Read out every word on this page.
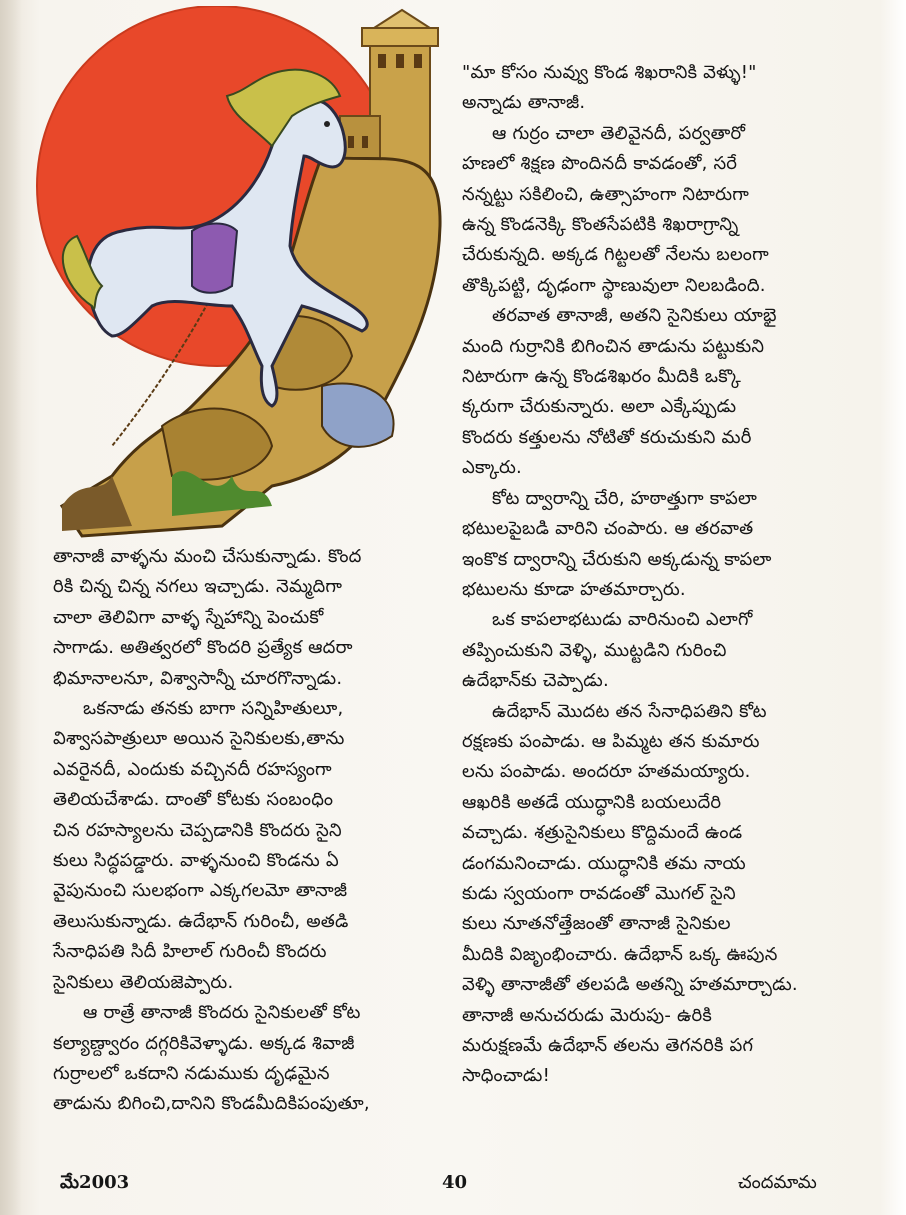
తానాజీ వాళ్ళను మంచి చేసుకున్నాడు. కొంద
రికి చిన్న చిన్న నగలు ఇచ్చాడు. నెమ్మదిగా
చాలా తెలివిగా వాళ్ళ స్నేహాన్ని పెంచుకో
సాగాడు. అతిత్వరలో కొందరి ప్రత్యేక ఆదరా
భిమానాలనూ, విశ్వాసాన్నీ చూరగొన్నాడు.
ఒకనాడు తనకు బాగా సన్నిహితులూ,
విశ్వాసపాత్రులూ అయిన సైనికులకు,తాను
ఎవరైనదీ, ఎందుకు వచ్చినదీ రహస్యంగా
తెలియచేశాడు. దాంతో కోటకు సంబంధిం
చిన రహస్యాలను చెప్పడానికి కొందరు సైని
కులు సిద్ధపడ్డారు. వాళ్ళనుంచి కొండను ఏ
వైపునుంచి సులభంగా ఎక్కగలమో తానాజీ
తెలుసుకున్నాడు. ఉదేభాన్ గురించీ, అతడి
సేనాధిపతి సిదీ హిలాల్ గురించీ కొందరు
సైనికులు తెలియజెప్పారు.
ఆ రాత్రే తానాజీ కొందరు సైనికులతో కోట
కల్యాణ్ద్వారం దగ్గరికివెళ్ళాడు. అక్కడ శివాజీ
గుర్రాలలో ఒకదాని నడుముకు దృఢమైన
తాడును బిగించి,దానిని కొండమీదికిపంపుతూ,
"మా కోసం నువ్వు కొండ శిఖరానికి వెళ్ళు!"
అన్నాడు తానాజీ.
ఆ గుర్రం చాలా తెలివైనదీ, పర్వతారో
హణలో శిక్షణ పొందినదీ కావడంతో, సరే
నన్నట్టు సకిలించి, ఉత్సాహంగా నిటారుగా
ఉన్న కొండనెక్కి కొంతసేపటికి శిఖరాగ్రాన్ని
చేరుకున్నది. అక్కడ గిట్టలతో నేలను బలంగా
తొక్కిపట్టి, దృఢంగా స్థాణువులా నిలబడింది.
తరవాత తానాజీ, అతని సైనికులు యాభై
మంది గుర్రానికి బిగించిన తాడును పట్టుకుని
నిటారుగా ఉన్న కొండశిఖరం మీదికి ఒక్కొ
క్కరుగా చేరుకున్నారు. అలా ఎక్కేప్పుడు
కొందరు కత్తులను నోటితో కరుచుకుని మరీ
ఎక్కారు.
కోట ద్వారాన్ని చేరి, హఠాత్తుగా కాపలా
భటులపైబడి వారిని చంపారు. ఆ తరవాత
ఇంకొక ద్వారాన్ని చేరుకుని అక్కడున్న కాపలా
భటులను కూడా హతమార్చారు.
ఒక కాపలాభటుడు వారినుంచి ఎలాగో
తప్పించుకుని వెళ్ళి, ముట్టడిని గురించి
ఉదేభాన్‌కు చెప్పాడు.
ఉదేభాన్ మొదట తన సేనాధిపతిని కోట
రక్షణకు పంపాడు. ఆ పిమ్మట తన కుమారు
లను పంపాడు. అందరూ హతమయ్యారు.
ఆఖరికి అతడే యుద్ధానికి బయలుదేరి
వచ్చాడు. శత్రుసైనికులు కొద్దిమందే ఉండ
డంగమనించాడు. యుద్ధానికి తమ నాయ
కుడు స్వయంగా రావడంతో మొగల్ సైని
కులు నూతనోత్తేజంతో తానాజీ సైనికుల
మీదికి విజృంభించారు. ఉదేభాన్ ఒక్క ఊపున
వెళ్ళి తానాజీతో తలపడి అతన్ని హతమార్చాడు.
తానాజీ అనుచరుడు మెరుపు- ఉరికి
మరుక్షణమే ఉదేభాన్ తలను తెగనరికి పగ
సాధించాడు!
మే2003	40	చందమామ
